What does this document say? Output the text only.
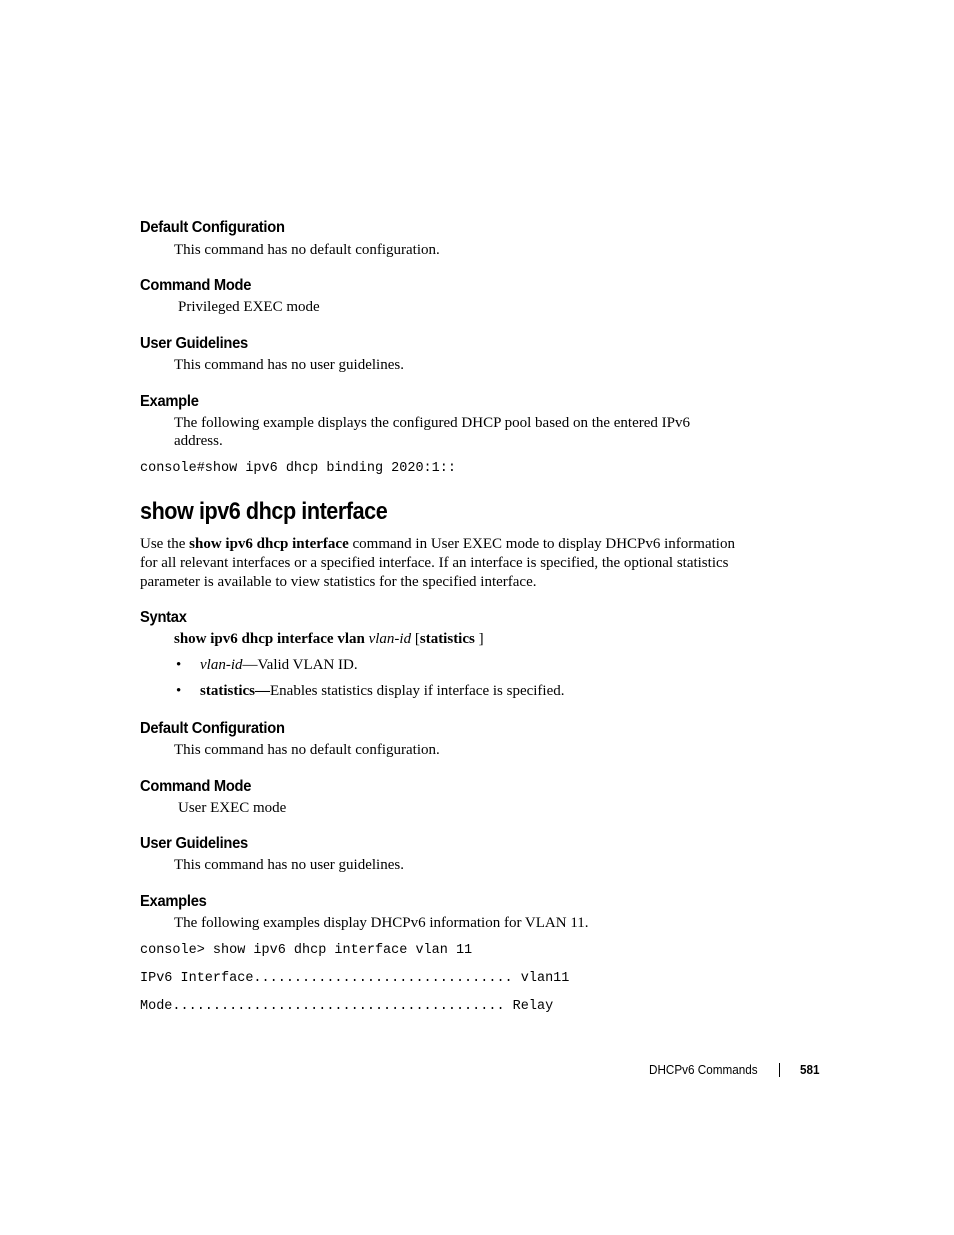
Default Configuration
This command has no default configuration.
Command Mode
Privileged EXEC mode
User Guidelines
This command has no user guidelines.
Example
The following example displays the configured DHCP pool based on the entered IPv6
address.
console#show ipv6 dhcp binding 2020:1::
show ipv6 dhcp interface
Use the show ipv6 dhcp interface command in User EXEC mode to display DHCPv6 information
for all relevant interfaces or a specified interface. If an interface is specified, the optional statistics
parameter is available to view statistics for the specified interface.
Syntax
show ipv6 dhcp interface vlan vlan-id [statistics ]
• vlan-id—Valid VLAN ID.
• statistics—Enables statistics display if interface is specified.
Default Configuration
This command has no default configuration.
Command Mode
User EXEC mode
User Guidelines
This command has no user guidelines.
Examples
The following examples display DHCPv6 information for VLAN 11.
console> show ipv6 dhcp interface vlan 11
IPv6 Interface................................ vlan11
Mode......................................... Relay
DHCPv6 Commands	581
